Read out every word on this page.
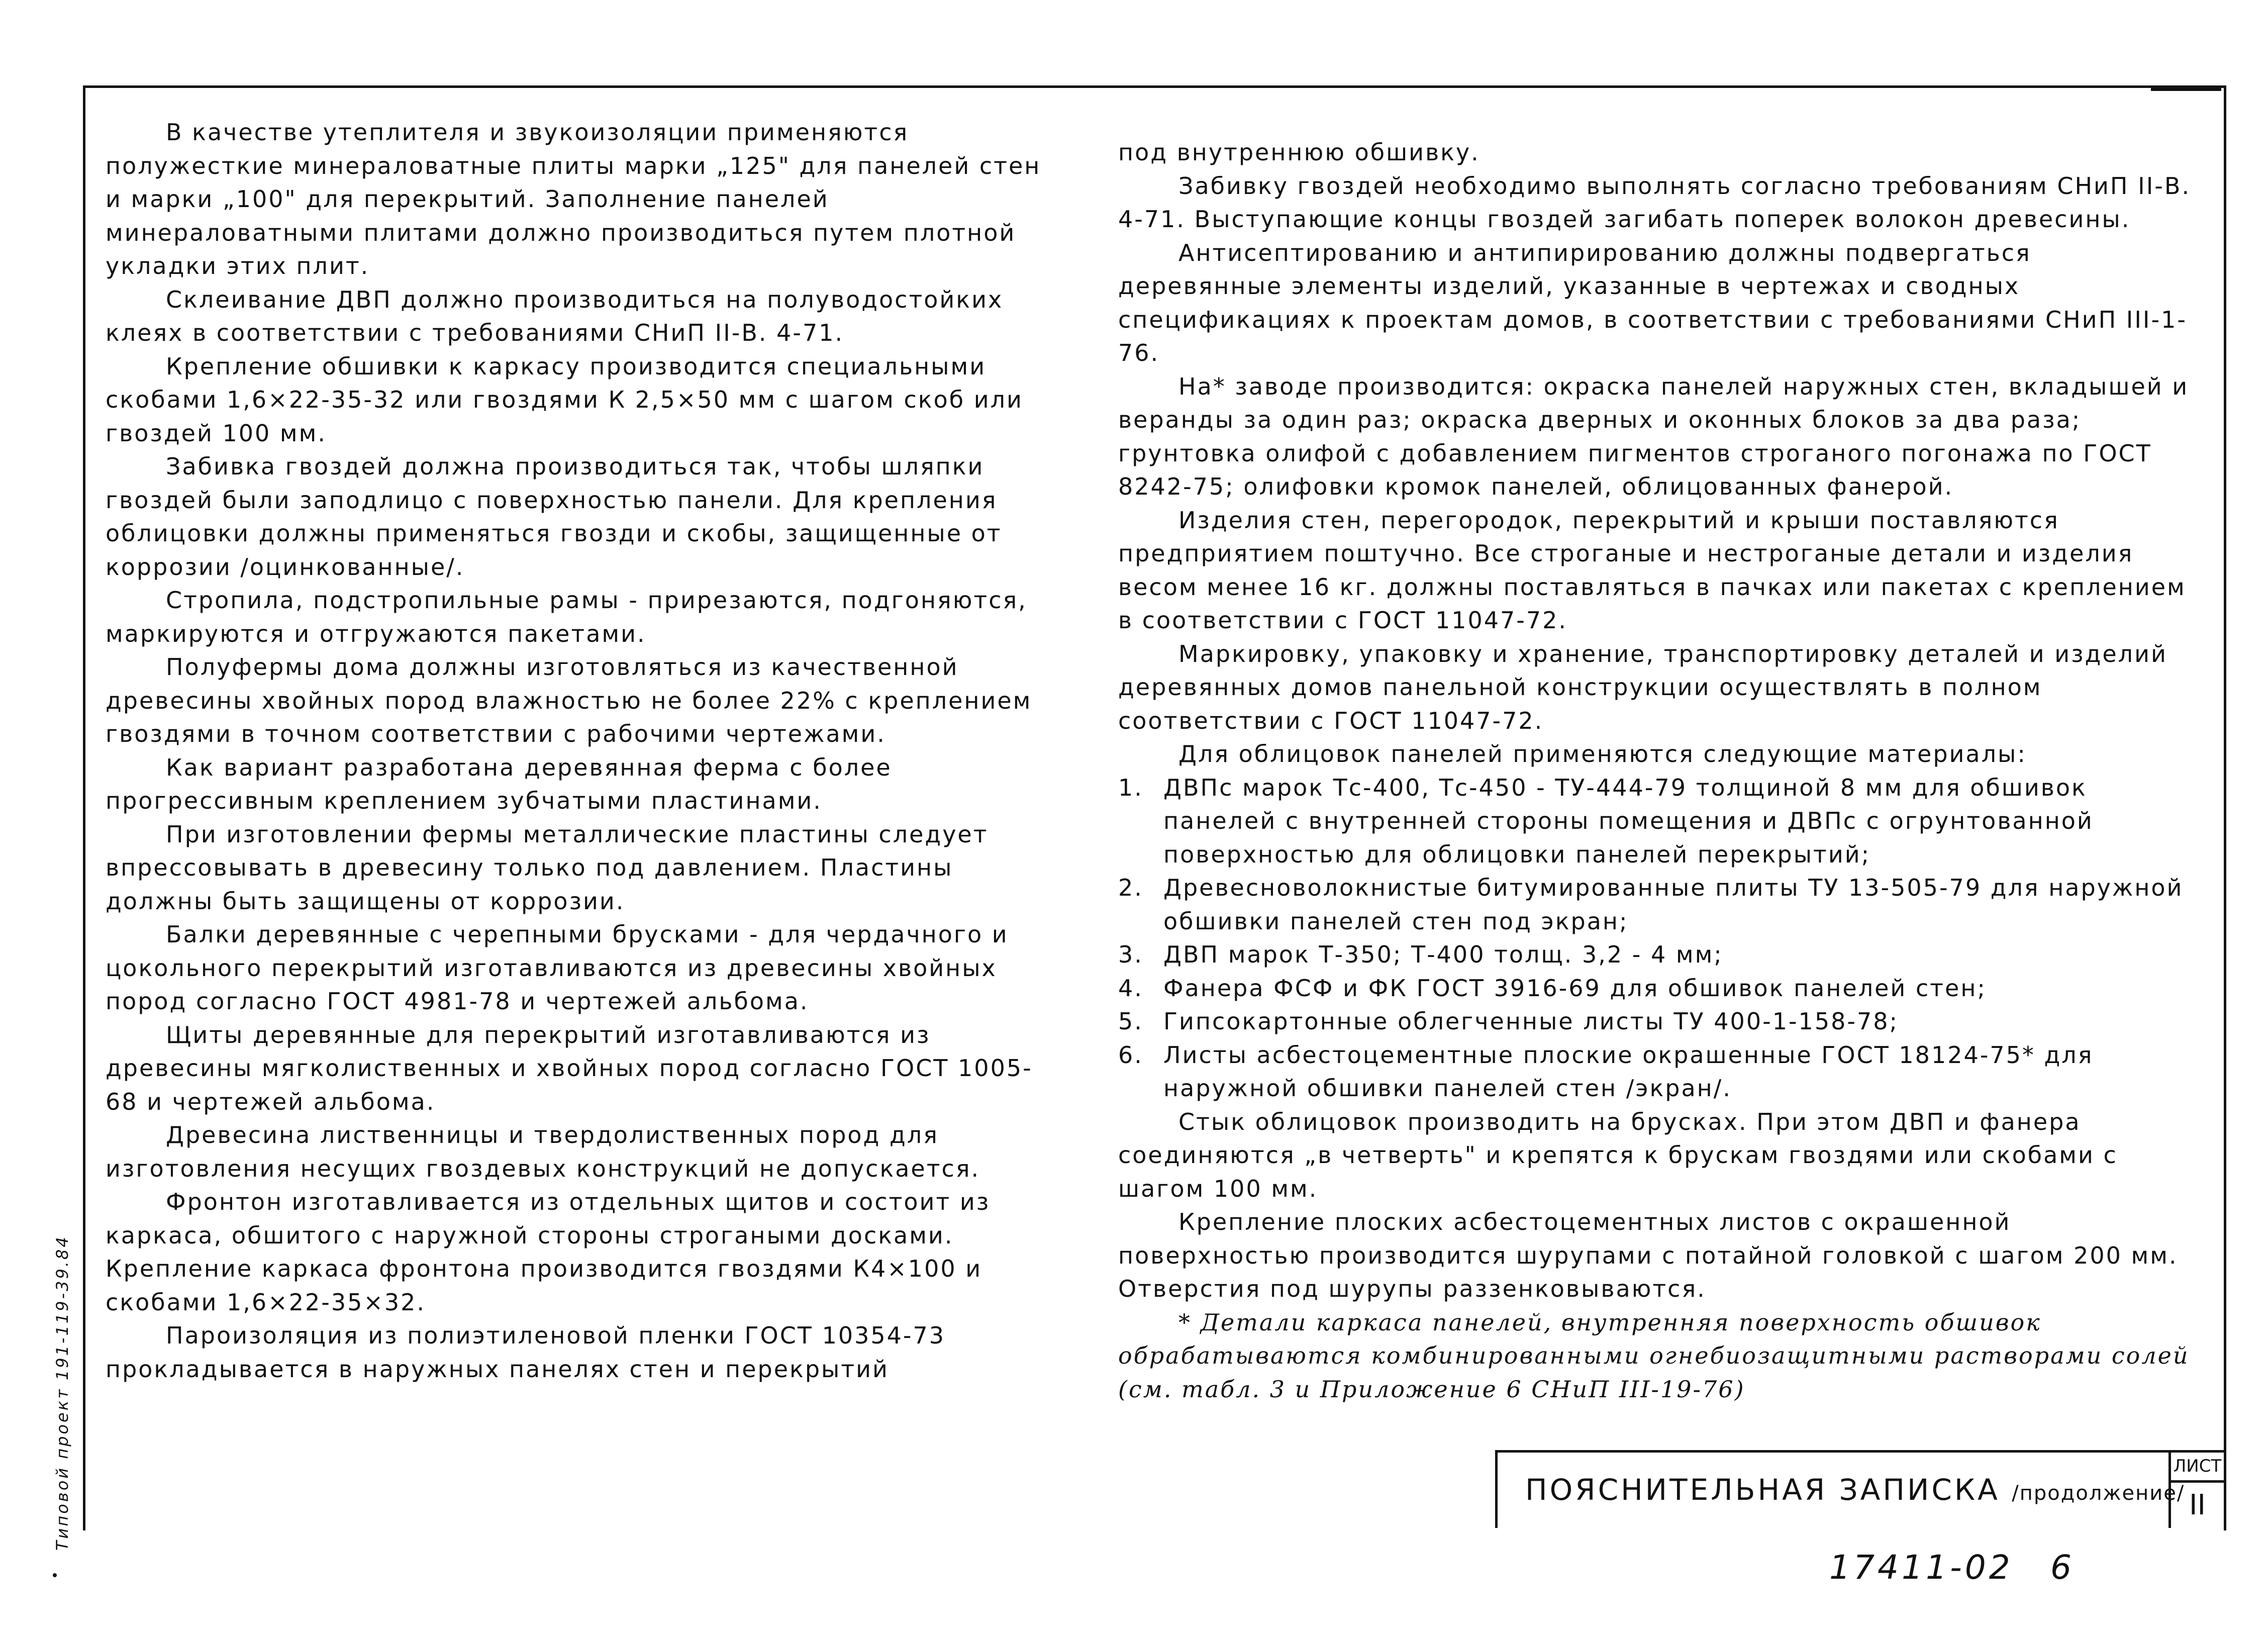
Типовой проект 191-119-39.84

В качестве утеплителя и звукоизоляции применяются полужесткие минераловатные плиты марки „125" для панелей стен и марки „100" для перекрытий. Заполнение панелей минераловатными плитами должно производиться путем плотной укладки этих плит.

Склеивание ДВП должно производиться на полуводостойких клеях в соответствии с требованиями СНиП II-В. 4-71.

Крепление обшивки к каркасу производится специальными скобами 1,6×22-35-32 или гвоздями К 2,5×50 мм с шагом скоб или гвоздей 100 мм.

Забивка гвоздей должна производиться так, чтобы шляпки гвоздей были заподлицо с поверхностью панели. Для крепления облицовки должны применяться гвозди и скобы, защищенные от коррозии /оцинкованные/.

Стропила, подстропильные рамы - прирезаются, подгоняются, маркируются и отгружаются пакетами.

Полуфермы дома должны изготовляться из качественной древесины хвойных пород влажностью не более 22% с креплением гвоздями в точном соответствии с рабочими чертежами.

Как вариант разработана деревянная ферма с более прогрессивным креплением зубчатыми пластинами.

При изготовлении фермы металлические пластины следует впрессовывать в древесину только под давлением. Пластины должны быть защищены от коррозии.

Балки деревянные с черепными брусками - для чердачного и цокольного перекрытий изготавливаются из древесины хвойных пород согласно ГОСТ 4981-78 и чертежей альбома.

Щиты деревянные для перекрытий изготавливаются из древесины мягколиственных и хвойных пород согласно ГОСТ 1005-68 и чертежей альбома.

Древесина лиственницы и твердолиственных пород для изготовления несущих гвоздевых конструкций не допускается.

Фронтон изготавливается из отдельных щитов и состоит из каркаса, обшитого с наружной стороны строгаными досками. Крепление каркаса фронтона производится гвоздями К4×100 и скобами 1,6×22-35×32.

Пароизоляция из полиэтиленовой пленки ГОСТ 10354-73 прокладывается в наружных панелях стен и перекрытий

под внутреннюю обшивку.

Забивку гвоздей необходимо выполнять согласно требованиям СНиП II-В. 4-71. Выступающие концы гвоздей загибать поперек волокон древесины.

Антисептированию и антипирированию должны подвергаться деревянные элементы изделий, указанные в чертежах и сводных спецификациях к проектам домов, в соответствии с требованиями СНиП III-1-76.

На* заводе производится: окраска панелей наружных стен, вкладышей и веранды за один раз; окраска дверных и оконных блоков за два раза; грунтовка олифой с добавлением пигментов строганого погонажа по ГОСТ 8242-75; олифовки кромок панелей, облицованных фанерой.

Изделия стен, перегородок, перекрытий и крыши поставляются предприятием поштучно. Все строганые и нестроганые детали и изделия весом менее 16 кг. должны поставляться в пачках или пакетах с креплением в соответствии с ГОСТ 11047-72.

Маркировку, упаковку и хранение, транспортировку деталей и изделий деревянных домов панельной конструкции осуществлять в полном соответствии с ГОСТ 11047-72.

Для облицовок панелей применяются следующие материалы:

1. ДВПс марок Тс-400, Тс-450 - ТУ-444-79 толщиной 8 мм для обшивок панелей с внутренней стороны помещения и ДВПс с огрунтованной поверхностью для облицовки панелей перекрытий;
2. Древесноволокнистые битумированные плиты ТУ 13-505-79 для наружной обшивки панелей стен под экран;
3. ДВП марок Т-350; Т-400 толщ. 3,2 - 4 мм;
4. Фанера ФСФ и ФК ГОСТ 3916-69 для обшивок панелей стен;
5. Гипсокартонные облегченные листы ТУ 400-1-158-78;
6. Листы асбестоцементные плоские окрашенные ГОСТ 18124-75* для наружной обшивки панелей стен /экран/.

Стык облицовок производить на брусках. При этом ДВП и фанера соединяются „в четверть" и крепятся к брускам гвоздями или скобами с шагом 100 мм.

Крепление плоских асбестоцементных листов с окрашенной поверхностью производится шурупами с потайной головкой с шагом 200 мм. Отверстия под шурупы раззенковываются.

* Детали каркаса панелей, внутренняя поверхность обшивок обрабатываются комбинированными огнебиозащитными растворами солей (см. табл. 3 и Приложение 6 СНиП III-19-76)

ПОЯСНИТЕЛЬНАЯ ЗАПИСКА /продолжение/
ЛИСТ
II
17411-02 6
